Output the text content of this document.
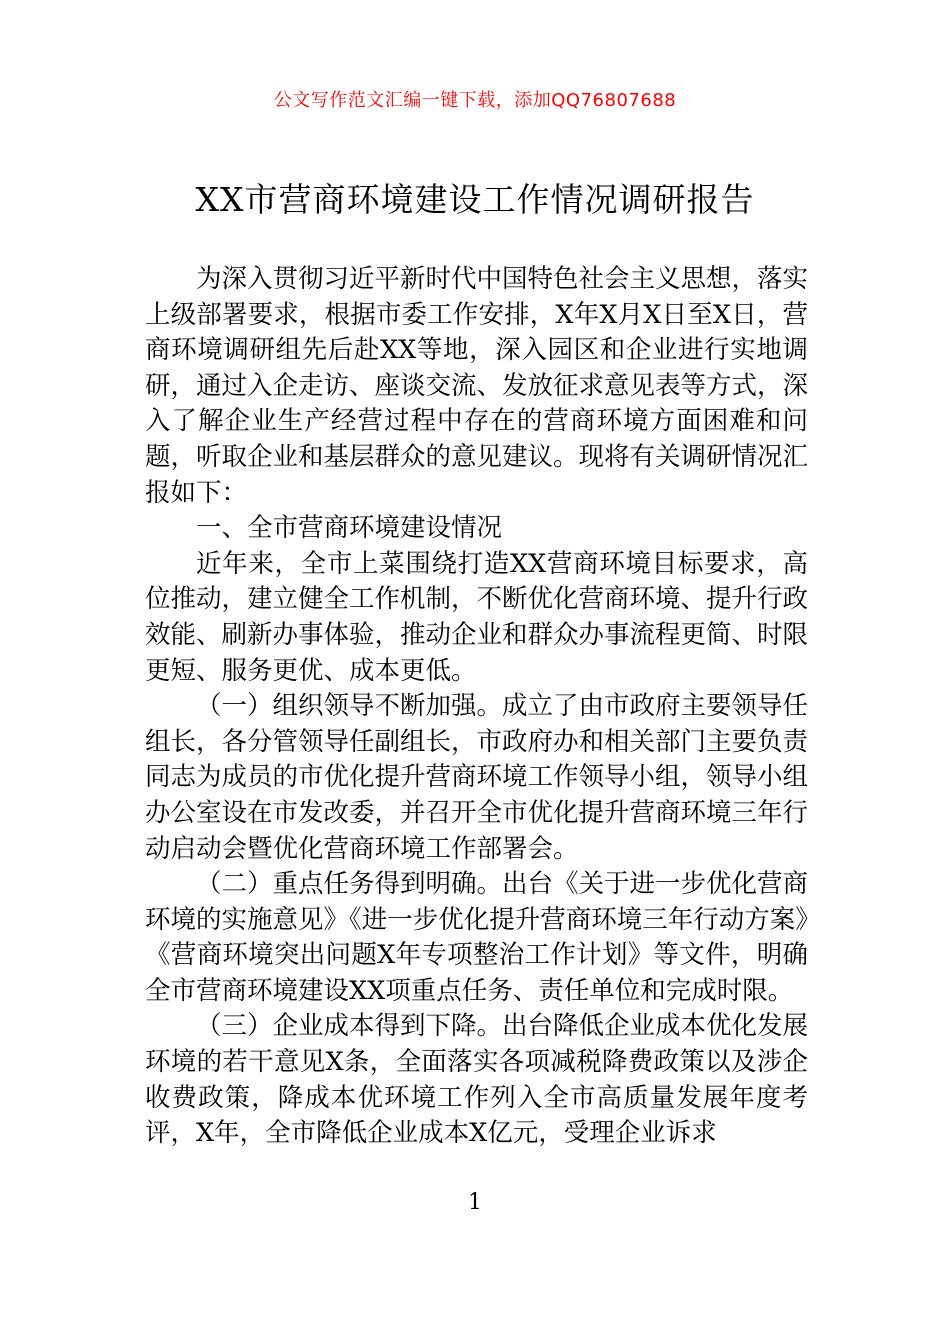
公文写作范文汇编一键下载，添加QQ76807688
XX市营商环境建设工作情况调研报告

为深入贯彻习近平新时代中国特色社会主义思想，落实上级部署要求，根据市委工作安排，X年X月X日至X日，营商环境调研组先后赴XX等地，深入园区和企业进行实地调研，通过入企走访、座谈交流、发放征求意见表等方式，深入了解企业生产经营过程中存在的营商环境方面困难和问题，听取企业和基层群众的意见建议。现将有关调研情况汇报如下：

一、全市营商环境建设情况

近年来，全市上菜围绕打造XX营商环境目标要求，高位推动，建立健全工作机制，不断优化营商环境、提升行政效能、刷新办事体验，推动企业和群众办事流程更简、时限更短、服务更优、成本更低。

（一）组织领导不断加强。成立了由市政府主要领导任组长，各分管领导任副组长，市政府办和相关部门主要负责同志为成员的市优化提升营商环境工作领导小组，领导小组办公室设在市发改委，并召开全市优化提升营商环境三年行动启动会暨优化营商环境工作部署会。

（二）重点任务得到明确。出台《关于进一步优化营商环境的实施意见》《进一步优化提升营商环境三年行动方案》《营商环境突出问题X年专项整治工作计划》等文件，明确全市营商环境建设XX项重点任务、责任单位和完成时限。

（三）企业成本得到下降。出台降低企业成本优化发展环境的若干意见X条，全面落实各项减税降费政策以及涉企收费政策，降成本优环境工作列入全市高质量发展年度考评，X年，全市降低企业成本X亿元，受理企业诉求

1
